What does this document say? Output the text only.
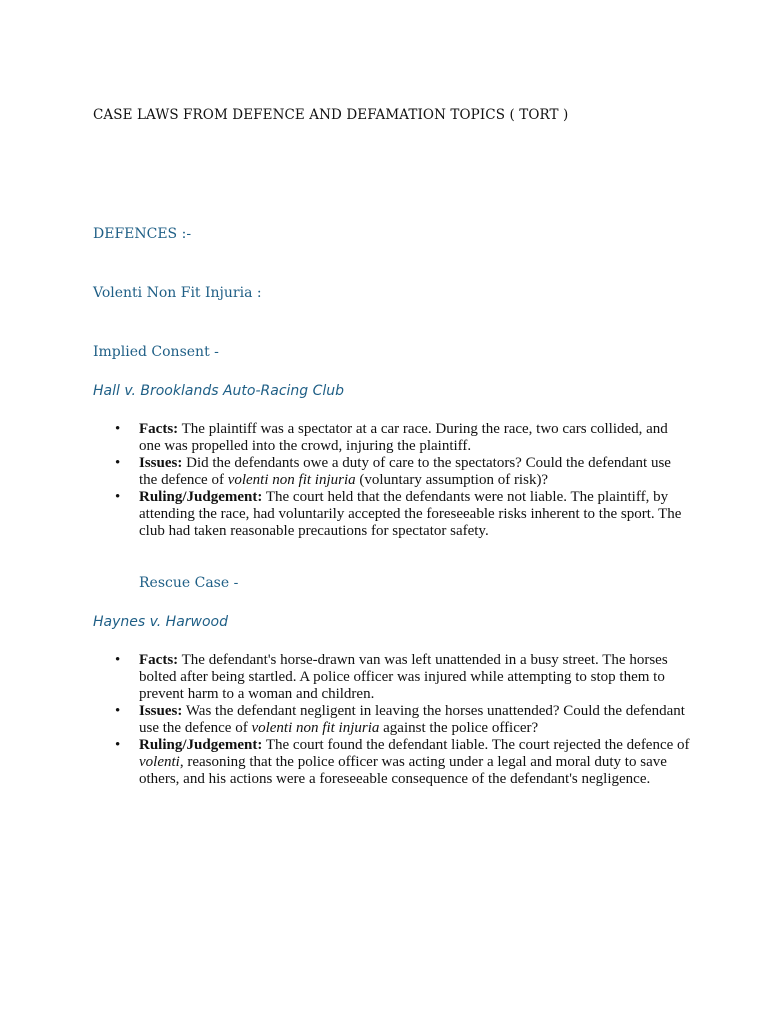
CASE LAWS FROM DEFENCE AND DEFAMATION TOPICS ( TORT )
DEFENCES :-
Volenti Non Fit Injuria :
Implied Consent -
Hall v. Brooklands Auto-Racing Club
• Facts: The plaintiff was a spectator at a car race. During the race, two cars collided, and one was propelled into the crowd, injuring the plaintiff.
• Issues: Did the defendants owe a duty of care to the spectators? Could the defendant use the defence of volenti non fit injuria (voluntary assumption of risk)?
• Ruling/Judgement: The court held that the defendants were not liable. The plaintiff, by attending the race, had voluntarily accepted the foreseeable risks inherent to the sport. The club had taken reasonable precautions for spectator safety.
Rescue Case -
Haynes v. Harwood
• Facts: The defendant's horse-drawn van was left unattended in a busy street. The horses bolted after being startled. A police officer was injured while attempting to stop them to prevent harm to a woman and children.
• Issues: Was the defendant negligent in leaving the horses unattended? Could the defendant use the defence of volenti non fit injuria against the police officer?
• Ruling/Judgement: The court found the defendant liable. The court rejected the defence of volenti, reasoning that the police officer was acting under a legal and moral duty to save others, and his actions were a foreseeable consequence of the defendant's negligence.
